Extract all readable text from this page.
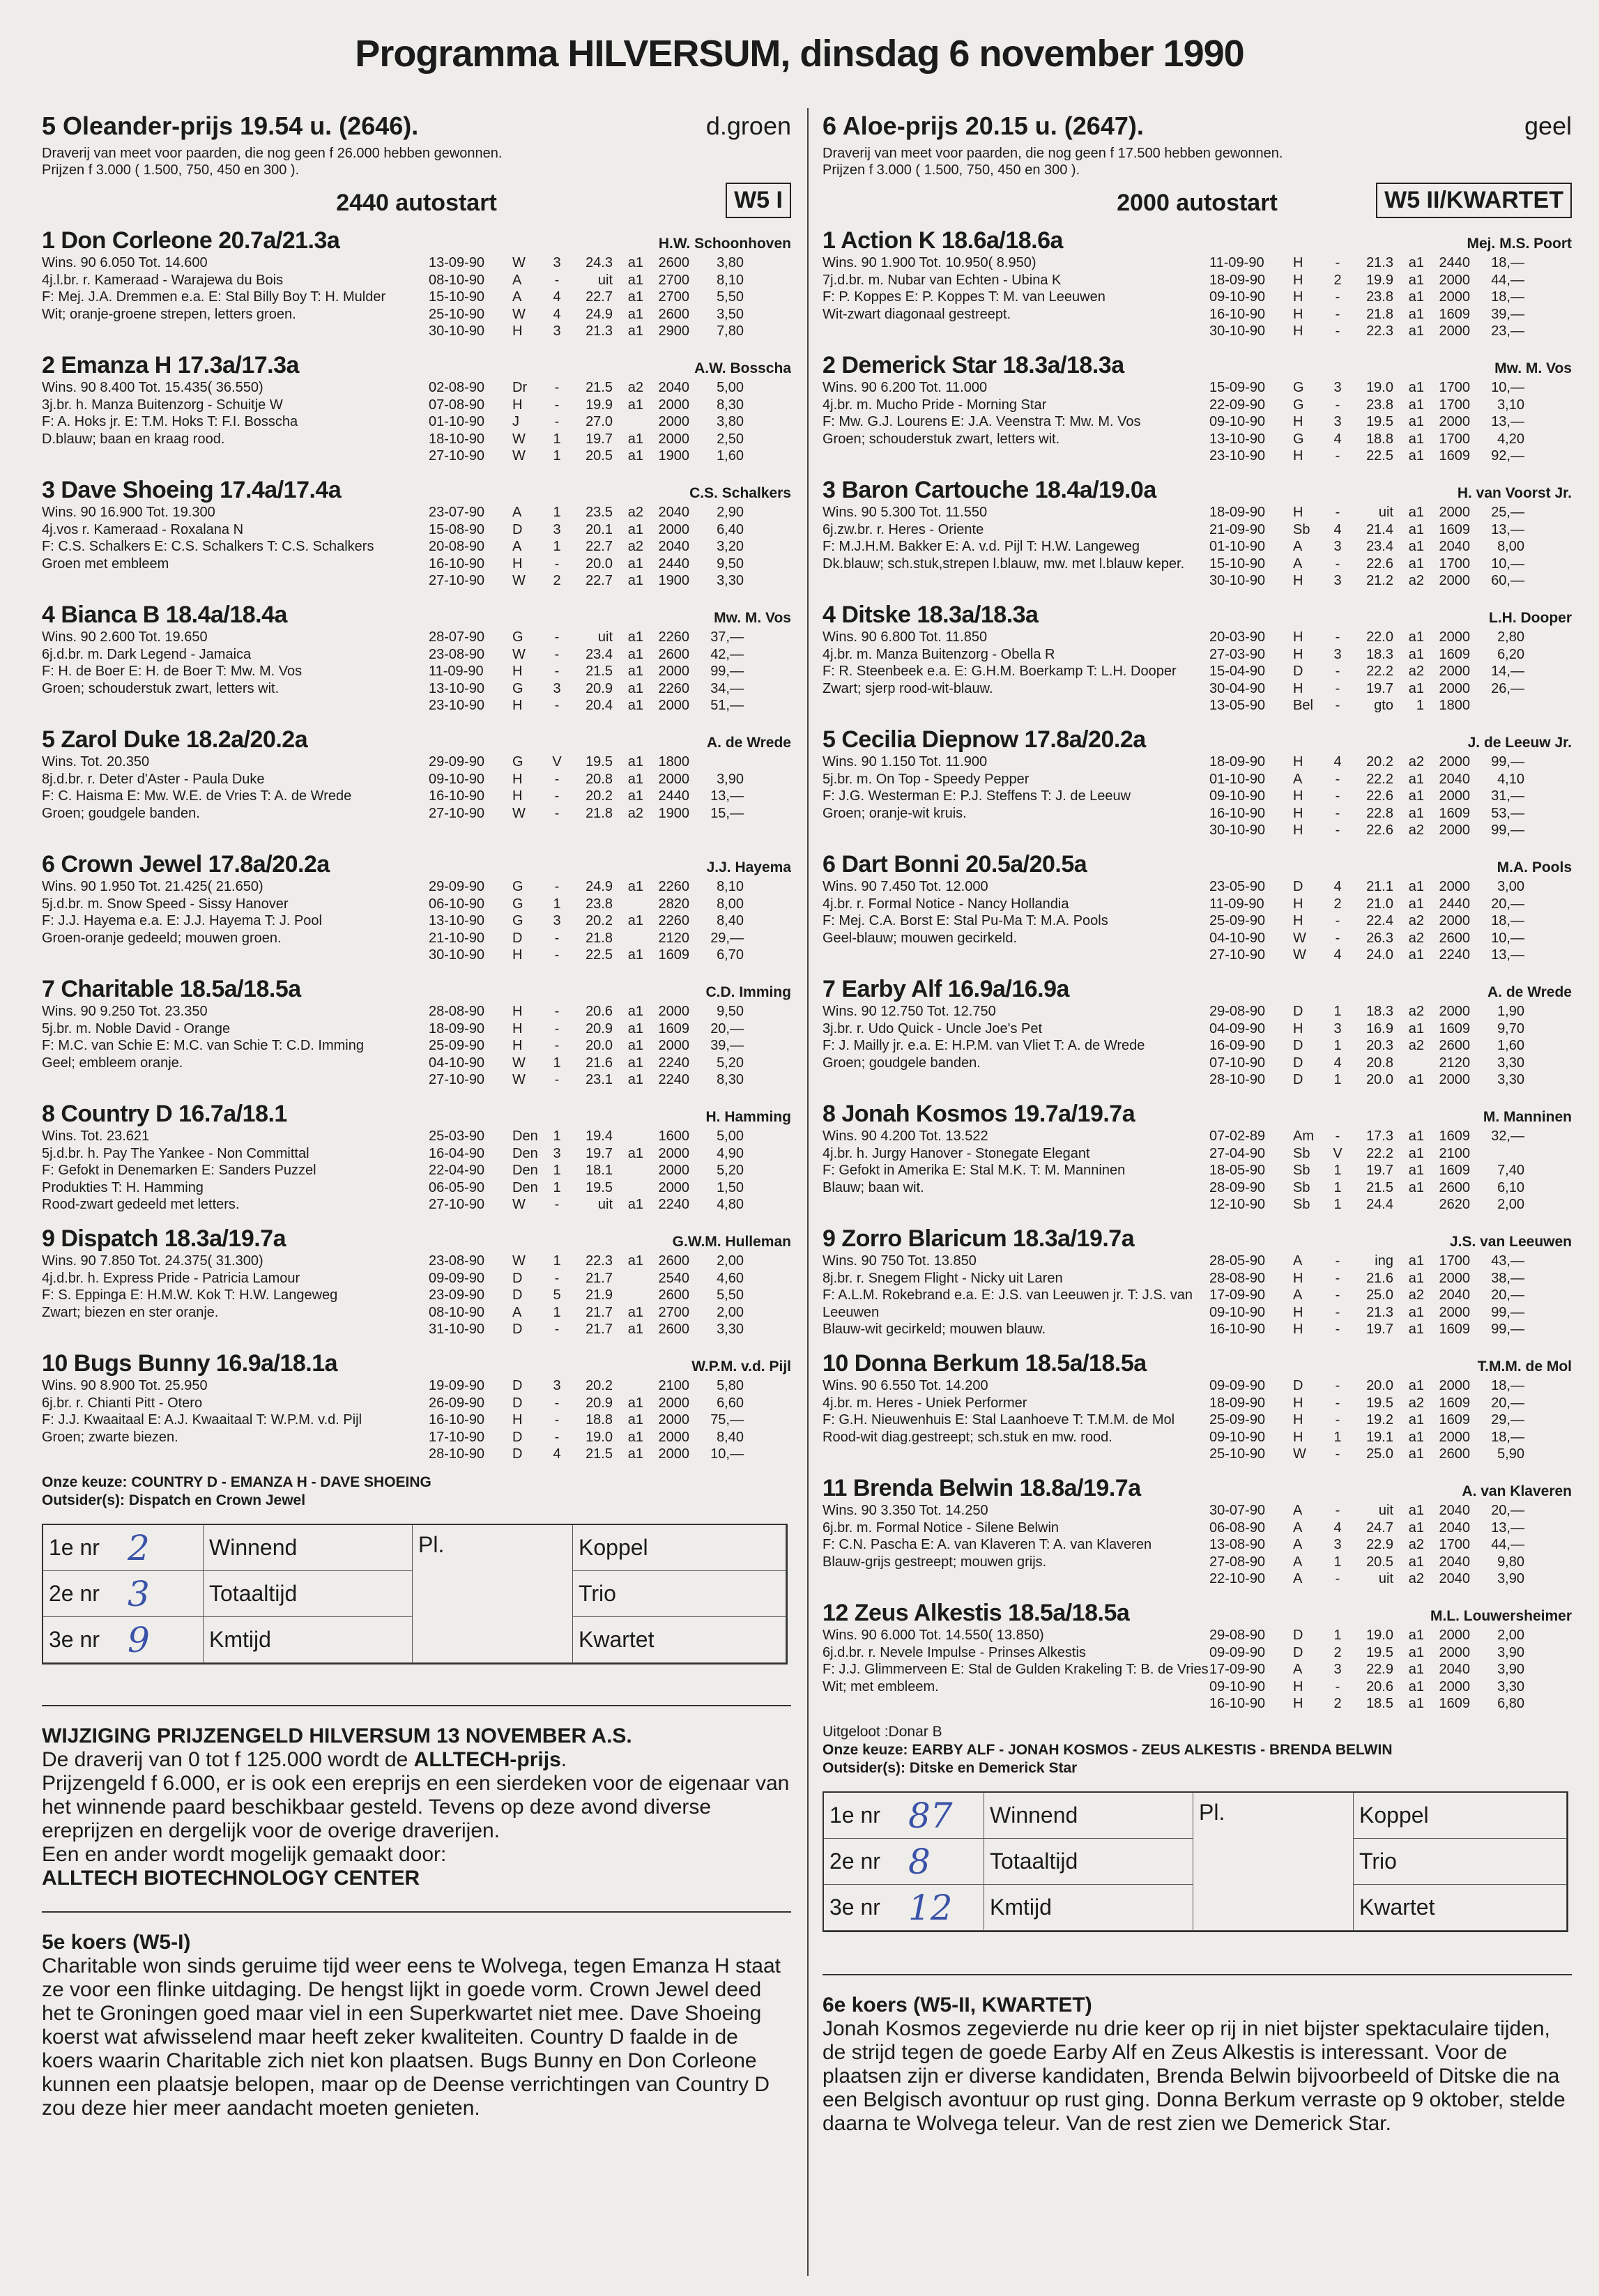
Programma HILVERSUM, dinsdag 6 november 1990
5 Oleander-prijs 19.54 u. (2646).	d.groen
Draverij van meet voor paarden, die nog geen f 26.000 hebben gewonnen.
Prijzen f 3.000 ( 1.500, 750, 450 en 300 ).
2440 autostart	W5 I
1 Don Corleone 20.7a/21.3a	H.W. Schoonhoven
Wins. 90 6.050 Tot. 14.600
4j.l.br. r. Kameraad - Warajewa du Bois
F: Mej. J.A. Dremmen e.a. E: Stal Billy Boy T: H. Mulder
Wit; oranje-groene strepen, letters groen.
13-09-90	W	3	24.3	a1	2600	3,80
08-10-90	A	-	uit	a1	2700	8,10
15-10-90	A	4	22.7	a1	2700	5,50
25-10-90	W	4	24.9	a1	2600	3,50
30-10-90	H	3	21.3	a1	2900	7,80
2 Emanza H 17.3a/17.3a	A.W. Bosscha
Wins. 90 8.400 Tot. 15.435( 36.550)
3j.br. h. Manza Buitenzorg - Schuitje W
F: A. Hoks jr. E: T.M. Hoks T: F.I. Bosscha
D.blauw; baan en kraag rood.
02-08-90	Dr	-	21.5	a2	2040	5,00
07-08-90	H	-	19.9	a1	2000	8,30
01-10-90	J	-	27.0	2000	3,80
18-10-90	W	1	19.7	a1	2000	2,50
27-10-90	W	1	20.5	a1	1900	1,60
3 Dave Shoeing 17.4a/17.4a	C.S. Schalkers
Wins. 90 16.900 Tot. 19.300
4j.vos r. Kameraad - Roxalana N
F: C.S. Schalkers E: C.S. Schalkers T: C.S. Schalkers
Groen met embleem
23-07-90	A	1	23.5	a2	2040	2,90
15-08-90	D	3	20.1	a1	2000	6,40
20-08-90	A	1	22.7	a2	2040	3,20
16-10-90	H	-	20.0	a1	2440	9,50
27-10-90	W	2	22.7	a1	1900	3,30
4 Bianca B 18.4a/18.4a	Mw. M. Vos
Wins. 90 2.600 Tot. 19.650
6j.d.br. m. Dark Legend - Jamaica
F: H. de Boer E: H. de Boer T: Mw. M. Vos
Groen; schouderstuk zwart, letters wit.
28-07-90	G	-	uit	a1	2260	37,—
23-08-90	W	-	23.4	a1	2600	42,—
11-09-90	H	-	21.5	a1	2000	99,—
13-10-90	G	3	20.9	a1	2260	34,—
23-10-90	H	-	20.4	a1	2000	51,—
5 Zarol Duke 18.2a/20.2a	A. de Wrede
Wins. Tot. 20.350
8j.d.br. r. Deter d'Aster - Paula Duke
F: C. Haisma E: Mw. W.E. de Vries T: A. de Wrede
Groen; goudgele banden.
29-09-90	G	V	19.5	a1	1800
09-10-90	H	-	20.8	a1	2000	3,90
16-10-90	H	-	20.2	a1	2440	13,—
27-10-90	W	-	21.8	a2	1900	15,—
6 Crown Jewel 17.8a/20.2a	J.J. Hayema
Wins. 90 1.950 Tot. 21.425( 21.650)
5j.d.br. m. Snow Speed - Sissy Hanover
F: J.J. Hayema e.a. E: J.J. Hayema T: J. Pool
Groen-oranje gedeeld; mouwen groen.
29-09-90	G	-	24.9	a1	2260	8,10
06-10-90	G	1	23.8	2820	8,00
13-10-90	G	3	20.2	a1	2260	8,40
21-10-90	D	-	21.8	2120	29,—
30-10-90	H	-	22.5	a1	1609	6,70
7 Charitable 18.5a/18.5a	C.D. Imming
Wins. 90 9.250 Tot. 23.350
5j.br. m. Noble David - Orange
F: M.C. van Schie E: M.C. van Schie T: C.D. Imming
Geel; embleem oranje.
28-08-90	H	-	20.6	a1	2000	9,50
18-09-90	H	-	20.9	a1	1609	20,—
25-09-90	H	-	20.0	a1	2000	39,—
04-10-90	W	1	21.6	a1	2240	5,20
27-10-90	W	-	23.1	a1	2240	8,30
8 Country D 16.7a/18.1	H. Hamming
Wins. Tot. 23.621
5j.d.br. h. Pay The Yankee - Non Committal
F: Gefokt in Denemarken E: Sanders Puzzel
Produkties T: H. Hamming
Rood-zwart gedeeld met letters.
25-03-90	Den	1	19.4	1600	5,00
16-04-90	Den	3	19.7	a1	2000	4,90
22-04-90	Den	1	18.1	2000	5,20
06-05-90	Den	1	19.5	2000	1,50
27-10-90	W	-	uit	a1	2240	4,80
9 Dispatch 18.3a/19.7a	G.W.M. Hulleman
Wins. 90 7.850 Tot. 24.375( 31.300)
4j.d.br. h. Express Pride - Patricia Lamour
F: S. Eppinga E: H.M.W. Kok T: H.W. Langeweg
Zwart; biezen en ster oranje.
23-08-90	W	1	22.3	a1	2600	2,00
09-09-90	D	-	21.7	2540	4,60
23-09-90	D	5	21.9	2600	5,50
08-10-90	A	1	21.7	a1	2700	2,00
31-10-90	D	-	21.7	a1	2600	3,30
10 Bugs Bunny 16.9a/18.1a	W.P.M. v.d. Pijl
Wins. 90 8.900 Tot. 25.950
6j.br. r. Chianti Pitt - Otero
F: J.J. Kwaaitaal E: A.J. Kwaaitaal T: W.P.M. v.d. Pijl
Groen; zwarte biezen.
19-09-90	D	3	20.2	2100	5,80
26-09-90	D	-	20.9	a1	2000	6,60
16-10-90	H	-	18.8	a1	2000	75,—
17-10-90	D	-	19.0	a1	2000	8,40
28-10-90	D	4	21.5	a1	2000	10,—
Onze keuze: COUNTRY D - EMANZA H - DAVE SHOEING
Outsider(s): Dispatch en Crown Jewel
1e nr 2	Winnend	Pl.	Koppel
2e nr 3	Totaaltijd	Trio
3e nr 9	Kmtijd	Kwartet
WIJZIGING PRIJZENGELD HILVERSUM 13 NOVEMBER A.S.
De draverij van 0 tot f 125.000 wordt de ALLTECH-prijs.
Prijzengeld f 6.000, er is ook een ereprijs en een sierdeken voor de eigenaar van het winnende paard beschikbaar gesteld. Tevens op deze avond diverse ereprijzen en dergelijk voor de overige draverijen.
Een en ander wordt mogelijk gemaakt door:
ALLTECH BIOTECHNOLOGY CENTER
5e koers (W5-I)
Charitable won sinds geruime tijd weer eens te Wolvega, tegen Emanza H staat ze voor een flinke uitdaging. De hengst lijkt in goede vorm. Crown Jewel deed het te Groningen goed maar viel in een Superkwartet niet mee. Dave Shoeing koerst wat afwisselend maar heeft zeker kwaliteiten. Country D faalde in de koers waarin Charitable zich niet kon plaatsen. Bugs Bunny en Don Corleone kunnen een plaatsje belopen, maar op de Deense verrichtingen van Country D zou deze hier meer aandacht moeten genieten.
6 Aloe-prijs 20.15 u. (2647).	geel
Draverij van meet voor paarden, die nog geen f 17.500 hebben gewonnen.
Prijzen f 3.000 ( 1.500, 750, 450 en 300 ).
2000 autostart	W5 II/KWARTET
1 Action K 18.6a/18.6a	Mej. M.S. Poort
Wins. 90 1.900 Tot. 10.950( 8.950)
7j.d.br. m. Nubar van Echten - Ubina K
F: P. Koppes E: P. Koppes T: M. van Leeuwen
Wit-zwart diagonaal gestreept.
11-09-90	H	-	21.3	a1	2440	18,—
18-09-90	H	2	19.9	a1	2000	44,—
09-10-90	H	-	23.8	a1	2000	18,—
16-10-90	H	-	21.8	a1	1609	39,—
30-10-90	H	-	22.3	a1	2000	23,—
2 Demerick Star 18.3a/18.3a	Mw. M. Vos
Wins. 90 6.200 Tot. 11.000
4j.br. m. Mucho Pride - Morning Star
F: Mw. G.J. Lourens E: J.A. Veenstra T: Mw. M. Vos
Groen; schouderstuk zwart, letters wit.
15-09-90	G	3	19.0	a1	1700	10,—
22-09-90	G	-	23.8	a1	1700	3,10
09-10-90	H	3	19.5	a1	2000	13,—
13-10-90	G	4	18.8	a1	1700	4,20
23-10-90	H	-	22.5	a1	1609	92,—
3 Baron Cartouche 18.4a/19.0a	H. van Voorst Jr.
Wins. 90 5.300 Tot. 11.550
6j.zw.br. r. Heres - Oriente
F: M.J.H.M. Bakker E: A. v.d. Pijl T: H.W. Langeweg
Dk.blauw; sch.stuk,strepen l.blauw, mw. met l.blauw keper.
18-09-90	H	-	uit	a1	2000	25,—
21-09-90	Sb	4	21.4	a1	1609	13,—
01-10-90	A	3	23.4	a1	2040	8,00
15-10-90	A	-	22.6	a1	1700	10,—
30-10-90	H	3	21.2	a2	2000	60,—
4 Ditske 18.3a/18.3a	L.H. Dooper
Wins. 90 6.800 Tot. 11.850
4j.br. m. Manza Buitenzorg - Obella R
F: R. Steenbeek e.a. E: G.H.M. Boerkamp T: L.H. Dooper
Zwart; sjerp rood-wit-blauw.
20-03-90	H	-	22.0	a1	2000	2,80
27-03-90	H	3	18.3	a1	1609	6,20
15-04-90	D	-	22.2	a2	2000	14,—
30-04-90	H	-	19.7	a1	2000	26,—
13-05-90	Bel	-	gto	1	1800
5 Cecilia Diepnow 17.8a/20.2a	J. de Leeuw Jr.
Wins. 90 1.150 Tot. 11.900
5j.br. m. On Top - Speedy Pepper
F: J.G. Westerman E: P.J. Steffens T: J. de Leeuw
Groen; oranje-wit kruis.
18-09-90	H	4	20.2	a2	2000	99,—
01-10-90	A	-	22.2	a1	2040	4,10
09-10-90	H	-	22.6	a1	2000	31,—
16-10-90	H	-	22.8	a1	1609	53,—
30-10-90	H	-	22.6	a2	2000	99,—
6 Dart Bonni 20.5a/20.5a	M.A. Pools
Wins. 90 7.450 Tot. 12.000
4j.br. r. Formal Notice - Nancy Hollandia
F: Mej. C.A. Borst E: Stal Pu-Ma T: M.A. Pools
Geel-blauw; mouwen gecirkeld.
23-05-90	D	4	21.1	a1	2000	3,00
11-09-90	H	2	21.0	a1	2440	20,—
25-09-90	H	-	22.4	a2	2000	18,—
04-10-90	W	-	26.3	a2	2600	10,—
27-10-90	W	4	24.0	a1	2240	13,—
7 Earby Alf 16.9a/16.9a	A. de Wrede
Wins. 90 12.750 Tot. 12.750
3j.br. r. Udo Quick - Uncle Joe's Pet
F: J. Mailly jr. e.a. E: H.P.M. van Vliet T: A. de Wrede
Groen; goudgele banden.
29-08-90	D	1	18.3	a2	2000	1,90
04-09-90	H	3	16.9	a1	1609	9,70
16-09-90	D	1	20.3	a2	2600	1,60
07-10-90	D	4	20.8	2120	3,30
28-10-90	D	1	20.0	a1	2000	3,30
8 Jonah Kosmos 19.7a/19.7a	M. Manninen
Wins. 90 4.200 Tot. 13.522
4j.br. h. Jurgy Hanover - Stonegate Elegant
F: Gefokt in Amerika E: Stal M.K. T: M. Manninen
Blauw; baan wit.
07-02-89	Am	-	17.3	a1	1609	32,—
27-04-90	Sb	V	22.2	a1	2100
18-05-90	Sb	1	19.7	a1	1609	7,40
28-09-90	Sb	1	21.5	a1	2600	6,10
12-10-90	Sb	1	24.4	2620	2,00
9 Zorro Blaricum 18.3a/19.7a	J.S. van Leeuwen
Wins. 90 750 Tot. 13.850
8j.br. r. Snegem Flight - Nicky uit Laren
F: A.L.M. Rokebrand e.a. E: J.S. van Leeuwen jr. T: J.S. van Leeuwen
Blauw-wit gecirkeld; mouwen blauw.
28-05-90	A	-	ing	a1	1700	43,—
28-08-90	H	-	21.6	a1	2000	38,—
17-09-90	A	-	25.0	a2	2040	20,—
09-10-90	H	-	21.3	a1	2000	99,—
16-10-90	H	-	19.7	a1	1609	99,—
10 Donna Berkum 18.5a/18.5a	T.M.M. de Mol
Wins. 90 6.550 Tot. 14.200
4j.br. m. Heres - Uniek Performer
F: G.H. Nieuwenhuis E: Stal Laanhoeve T: T.M.M. de Mol
Rood-wit diag.gestreept; sch.stuk en mw. rood.
09-09-90	D	-	20.0	a1	2000	18,—
18-09-90	H	-	19.5	a2	1609	20,—
25-09-90	H	-	19.2	a1	1609	29,—
09-10-90	H	1	19.1	a1	2000	18,—
25-10-90	W	-	25.0	a1	2600	5,90
11 Brenda Belwin 18.8a/19.7a	A. van Klaveren
Wins. 90 3.350 Tot. 14.250
6j.br. m. Formal Notice - Silene Belwin
F: C.N. Pascha E: A. van Klaveren T: A. van Klaveren
Blauw-grijs gestreept; mouwen grijs.
30-07-90	A	-	uit	a1	2040	20,—
06-08-90	A	4	24.7	a1	2040	13,—
13-08-90	A	3	22.9	a2	1700	44,—
27-08-90	A	1	20.5	a1	2040	9,80
22-10-90	A	-	uit	a2	2040	3,90
12 Zeus Alkestis 18.5a/18.5a	M.L. Louwersheimer
Wins. 90 6.000 Tot. 14.550( 13.850)
6j.d.br. r. Nevele Impulse - Prinses Alkestis
F: J.J. Glimmerveen E: Stal de Gulden Krakeling T: B. de Vries
Wit; met embleem.
29-08-90	D	1	19.0	a1	2000	2,00
09-09-90	D	2	19.5	a1	2000	3,90
17-09-90	A	3	22.9	a1	2040	3,90
09-10-90	H	-	20.6	a1	2000	3,30
16-10-90	H	2	18.5	a1	1609	6,80
Uitgeloot :Donar B
Onze keuze: EARBY ALF - JONAH KOSMOS - ZEUS ALKESTIS - BRENDA BELWIN
Outsider(s): Ditske en Demerick Star
1e nr 87 Winnend	Pl.	Koppel
2e nr 8	Totaaltijd	Trio
3e nr 12 Kmtijd	Kwartet
6e koers (W5-II, KWARTET)
Jonah Kosmos zegevierde nu drie keer op rij in niet bijster spektaculaire tijden, de strijd tegen de goede Earby Alf en Zeus Alkestis is interessant. Voor de plaatsen zijn er diverse kandidaten, Brenda Belwin bijvoorbeeld of Ditske die na een Belgisch avontuur op rust ging. Donna Berkum verraste op 9 oktober, stelde daarna te Wolvega teleur. Van de rest zien we Demerick Star.
